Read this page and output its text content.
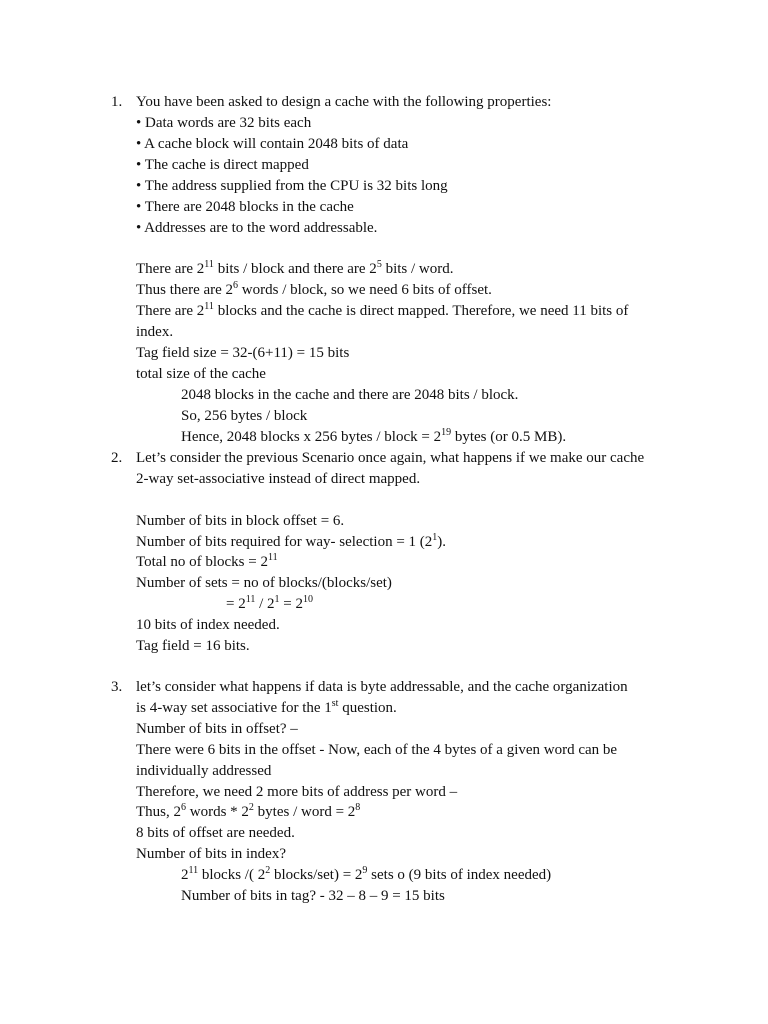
1. You have been asked to design a cache with the following properties:
• Data words are 32 bits each
• A cache block will contain 2048 bits of data
• The cache is direct mapped
• The address supplied from the CPU is 32 bits long
• There are 2048 blocks in the cache
• Addresses are to the word addressable.
There are $2^{11}$ bits / block and there are $2^5$ bits / word.
Thus there are $2^6$ words / block, so we need 6 bits of offset.
There are $2^{11}$ blocks and the cache is direct mapped. Therefore, we need 11 bits of
index.
Tag field size = 32-(6+11) = 15 bits
total size of the cache
2048 blocks in the cache and there are 2048 bits / block.
So, 256 bytes / block
Hence, 2048 blocks x 256 bytes / block = $2^{19}$ bytes (or 0.5 MB).
2. Let’s consider the previous Scenario once again, what happens if we make our cache
2-way set-associative instead of direct mapped.
Number of bits in block offset = 6.
Number of bits required for way- selection = 1 $(2^1)$.
Total no of blocks = $2^{11}$
Number of sets = no of blocks/(blocks/set)
= $2^{11} / 2^1 = 2^{10}$
10 bits of index needed.
Tag field = 16 bits.
3. let’s consider what happens if data is byte addressable, and the cache organization
is 4-way set associative for the 1st question.
Number of bits in offset? –
There were 6 bits in the offset - Now, each of the 4 bytes of a given word can be
individually addressed
Therefore, we need 2 more bits of address per word –
Thus, $2^6$ words * $2^2$ bytes / word = $2^8$
8 bits of offset are needed.
Number of bits in index?
$2^{11}$ blocks /( $2^2$ blocks/set) = $2^9$ sets o (9 bits of index needed)
Number of bits in tag? - 32 – 8 – 9 = 15 bits
